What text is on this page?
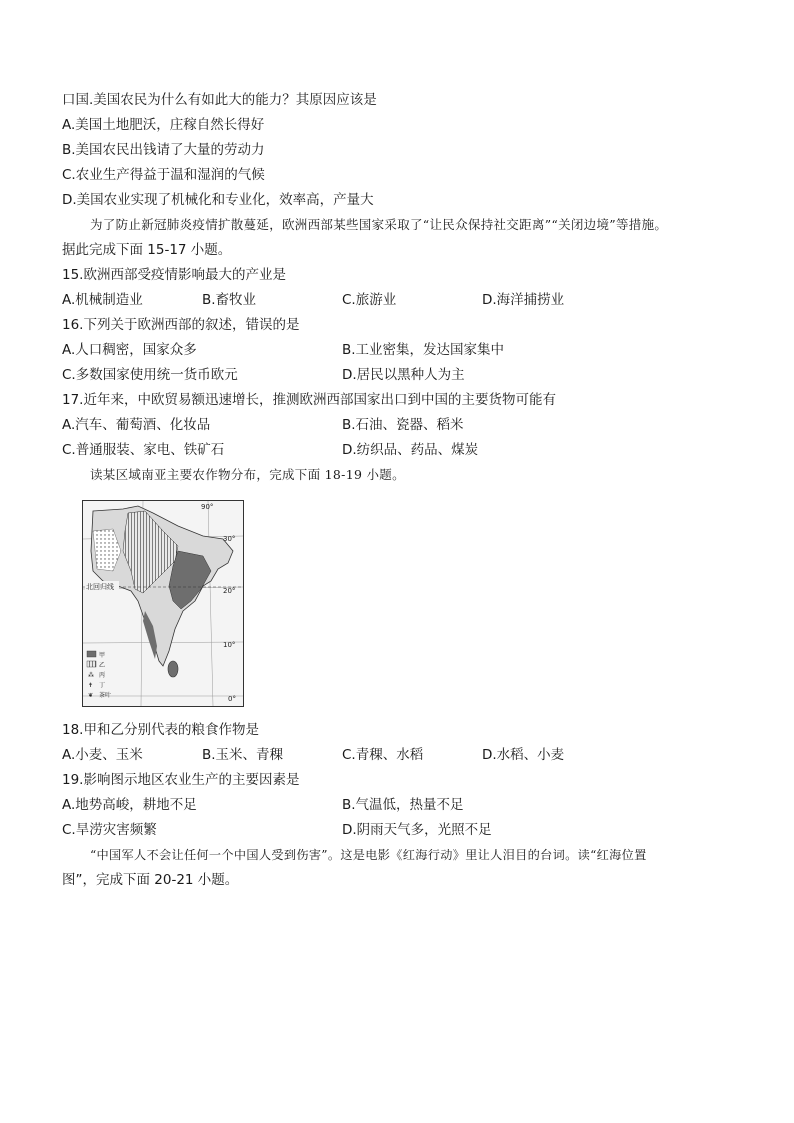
口国.美国农民为什么有如此大的能力？其原因应该是
A.美国土地肥沃，庄稼自然长得好
B.美国农民出钱请了大量的劳动力
C.农业生产得益于温和湿润的气候
D.美国农业实现了机械化和专业化，效率高，产量大
为了防止新冠肺炎疫情扩散蔓延，欧洲西部某些国家采取了“让民众保持社交距离”“关闭边境”等措施。
据此完成下面 15-17 小题。
15.欧洲西部受疫情影响最大的产业是
A.机械制造业	B.畜牧业	C.旅游业	D.海洋捕捞业
16.下列关于欧洲西部的叙述，错误的是
A.人口稠密，国家众多	B.工业密集，发达国家集中
C.多数国家使用统一货币欧元	D.居民以黑种人为主
17.近年来，中欧贸易额迅速增长，推测欧洲西部国家出口到中国的主要货物可能有
A.汽车、葡萄酒、化妆品	B.石油、瓷器、稻米
C.普通服装、家电、铁矿石	D.纺织品、药品、煤炭
读某区域南亚主要农作物分布，完成下面 18-19 小题。
90°
30°
20°
10°
0°
北回归线
甲
乙
⁂ 丙
✝ 丁
❦ 茶叶
18.甲和乙分别代表的粮食作物是
A.小麦、玉米	B.玉米、青稞	C.青稞、水稻	D.水稻、小麦
19.影响图示地区农业生产的主要因素是
A.地势高峻，耕地不足	B.气温低，热量不足
C.旱涝灾害频繁	D.阴雨天气多，光照不足
“中国军人不会让任何一个中国人受到伤害”。这是电影《红海行动》里让人泪目的台词。读“红海位置
图”，完成下面 20-21 小题。
